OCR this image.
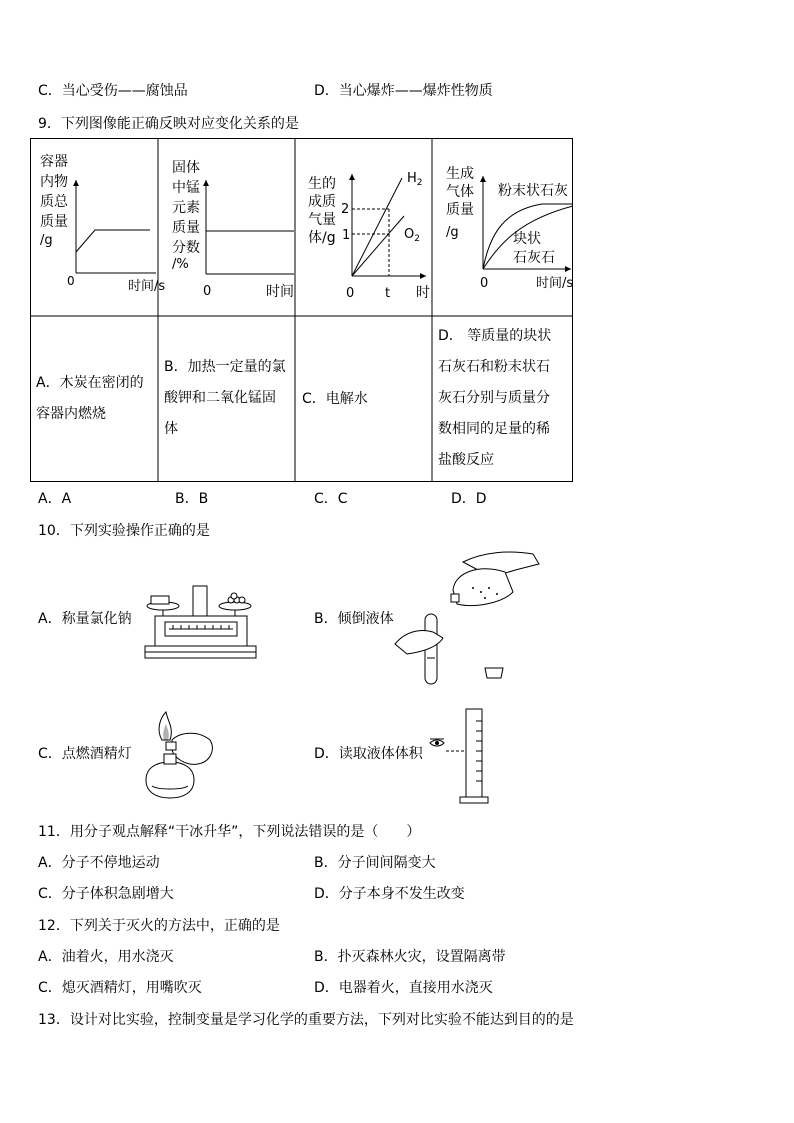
C．当心受伤——腐蚀品	D．当心爆炸——爆炸性物质
9．下列图像能正确反映对应变化关系的是
容器
内物
质总
质量
/g
0	时间/s
固体
中锰
元素
质量
分数
/%
0	时间
生的
成质
气量
体/g
2
1
$H_2$
$O_2$
0 t 时
生成
气体
质量
/g
粉末状石灰
块状
石灰石
0	时间/s
A．木炭在密闭的
容器内燃烧
B．加热一定量的氯
酸钾和二氧化锰固
体
C．电解水
D． 等质量的块状
石灰石和粉末状石
灰石分别与质量分
数相同的足量的稀
盐酸反应
A．A	B．B	C．C	D．D
10．下列实验操作正确的是
A．称量氯化钠	B．倾倒液体
C．点燃酒精灯	D．读取液体体积
11．用分子观点解释“干冰升华”，下列说法错误的是（　　）
A．分子不停地运动	B．分子间间隔变大
C．分子体积急剧增大	D．分子本身不发生改变
12．下列关于灭火的方法中，正确的是
A．油着火，用水浇灭	B．扑灭森林火灾，设置隔离带
C．熄灭酒精灯，用嘴吹灭	D．电器着火，直接用水浇灭
13．设计对比实验，控制变量是学习化学的重要方法，下列对比实验不能达到目的的是
